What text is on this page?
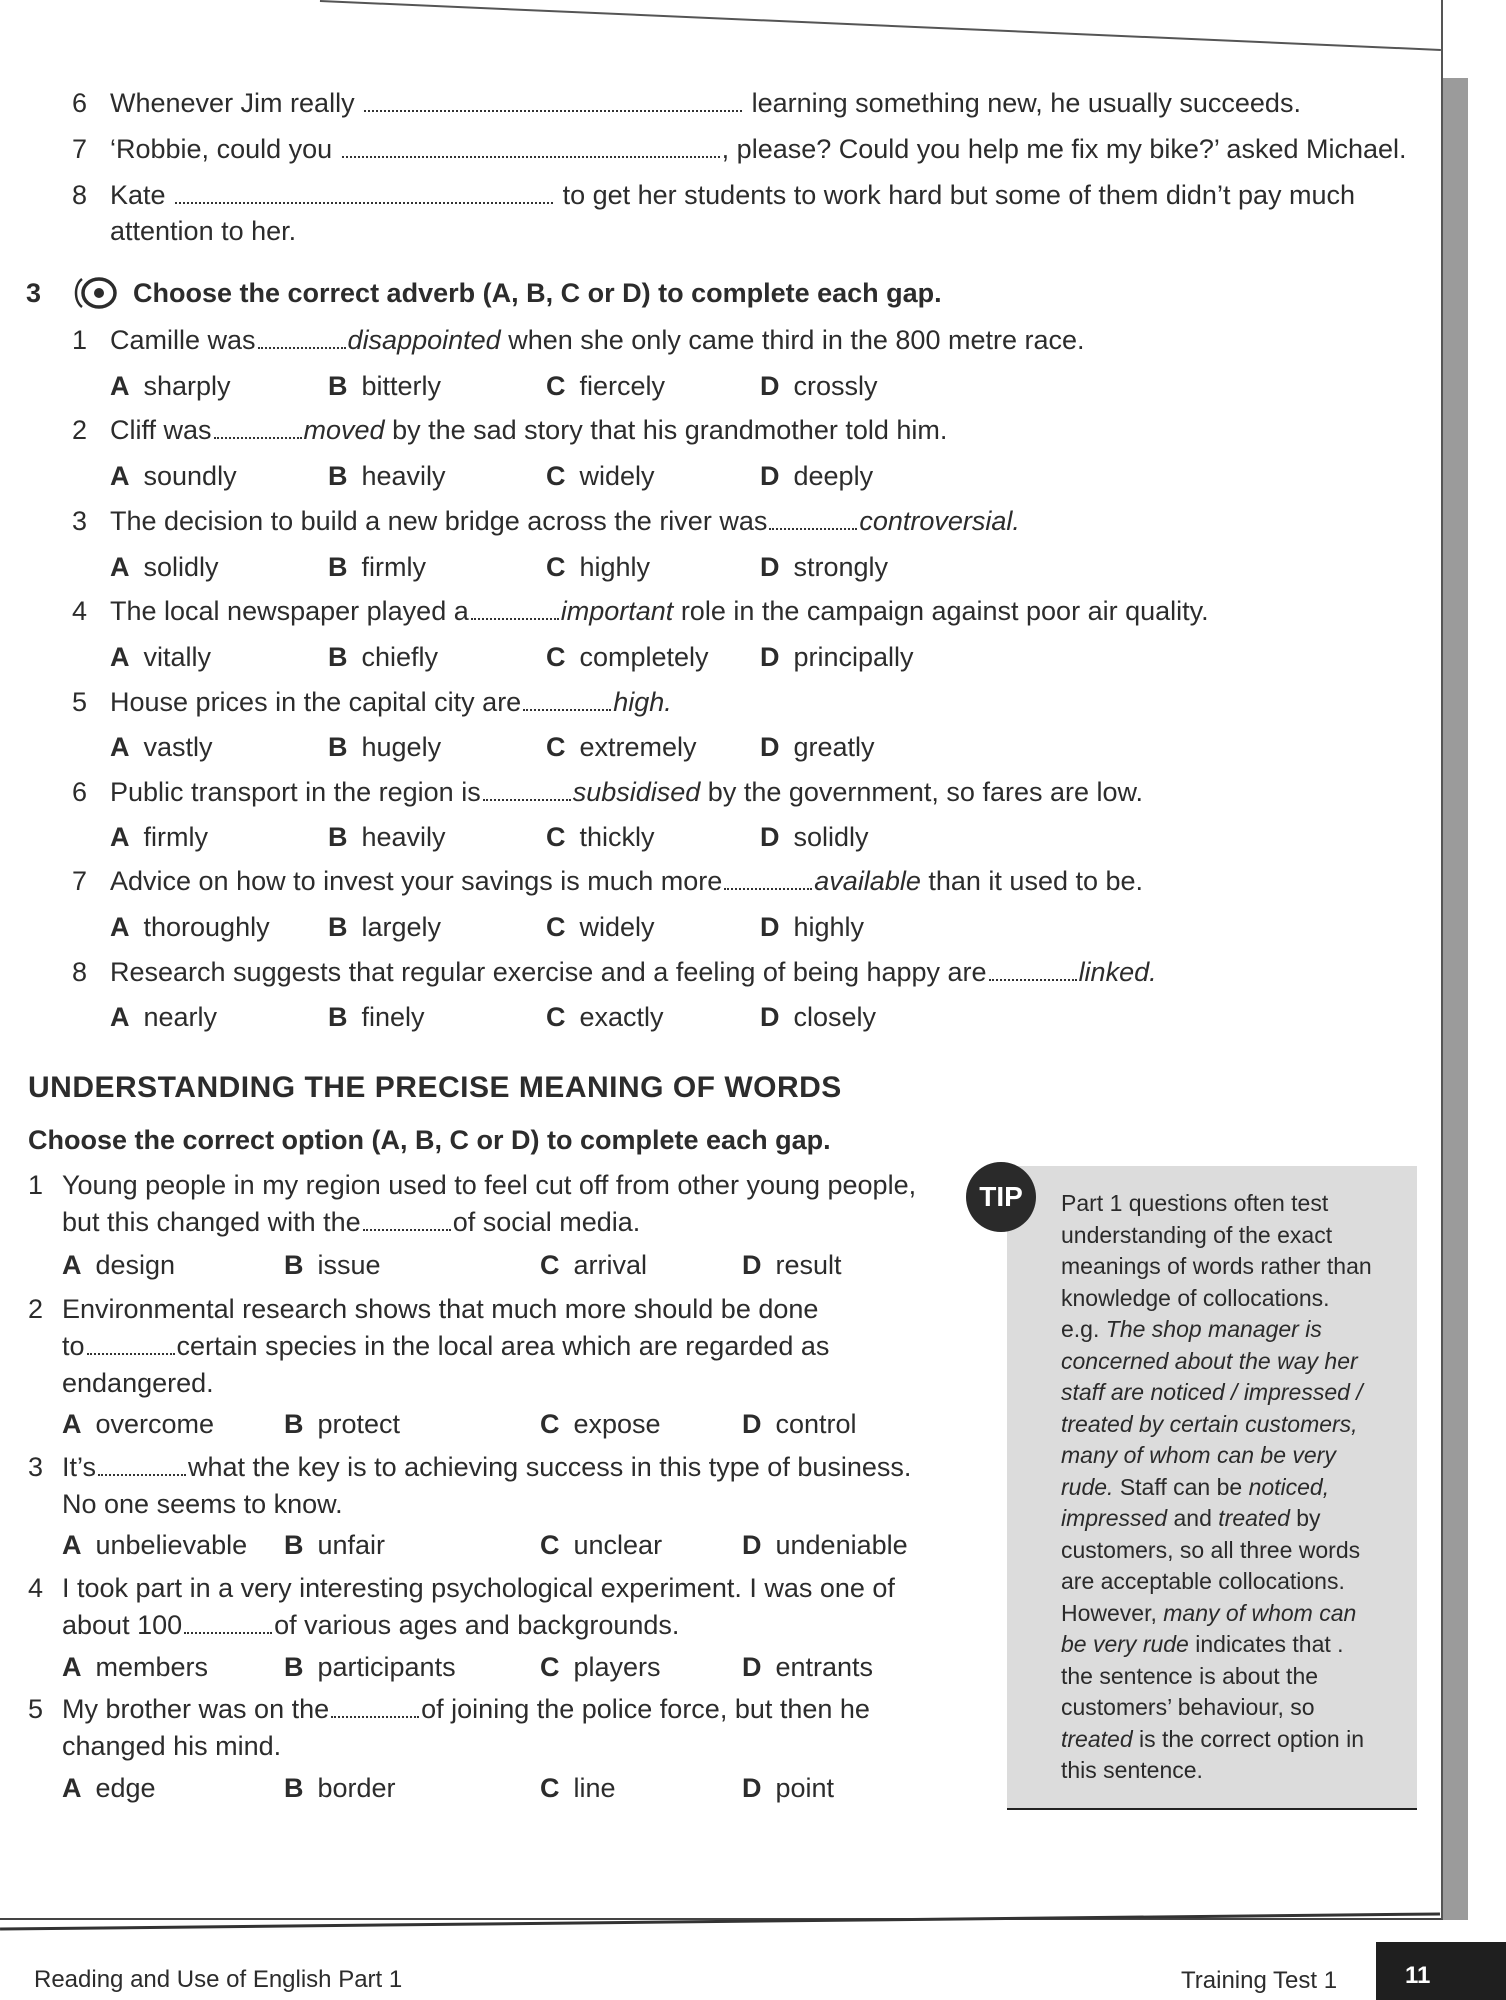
6 Whenever Jim really	learning something new, he usually succeeds.
7 ‘Robbie, could you	, please? Could you help me fix my bike?’ asked Michael.
8 Kate	to get her students to work hard but some of them didn’t pay much
attention to her.
3	Choose the correct adverb (A, B, C or D) to complete each gap.
1 Camille was	disappointed when she only came third in the 800 metre race.
A sharply	B bitterly	C fiercely	D crossly
2 Cliff was	moved by the sad story that his grandmother told him.
A soundly	B heavily	C widely	D deeply
3 The decision to build a new bridge across the river was	controversial.
A solidly	B firmly	C highly	D strongly
4 The local newspaper played a	important role in the campaign against poor air quality.
A vitally	B chiefly	C completely D principally
5 House prices in the capital city are	high.
A vastly	B hugely	C extremely D greatly
6 Public transport in the region is	subsidised by the government, so fares are low.
A firmly	B heavily	C thickly	D solidly
7 Advice on how to invest your savings is much more	available than it used to be.
A thoroughly B largely	C widely	D highly
8 Research suggests that regular exercise and a feeling of being happy are	linked.
A nearly	B finely	C exactly	D closely
UNDERSTANDING THE PRECISE MEANING OF WORDS
Choose the correct option (A, B, C or D) to complete each gap.
1 Young people in my region used to feel cut off from other young people,
but this changed with the	of social media.
A design	B issue	C arrival	D result
2 Environmental research shows that much more should be done
to	certain species in the local area which are regarded as
endangered.
A overcome	B protect	C expose	D control
3 It’s	what the key is to achieving success in this type of business.
No one seems to know.
A unbelievable B unfair	C unclear	D undeniable
4 I took part in a very interesting psychological experiment. I was one of
about 100	of various ages and backgrounds.
A members	B participants	C players	D entrants
5 My brother was on the	of joining the police force, but then he
changed his mind.
A edge	B border	C line	D point
TIP	Part 1 questions often test
understanding of the exact
meanings of words rather than
knowledge of collocations.
e.g. The shop manager is
concerned about the way her
staff are noticed / impressed /
treated by certain customers,
many of whom can be very
rude. Staff can be noticed,
impressed and treated by
customers, so all three words
are acceptable collocations.
However, many of whom can
be very rude indicates that .
the sentence is about the
customers’ behaviour, so
treated is the correct option in
this sentence.
Reading and Use of English Part 1	Training Test 1	11
